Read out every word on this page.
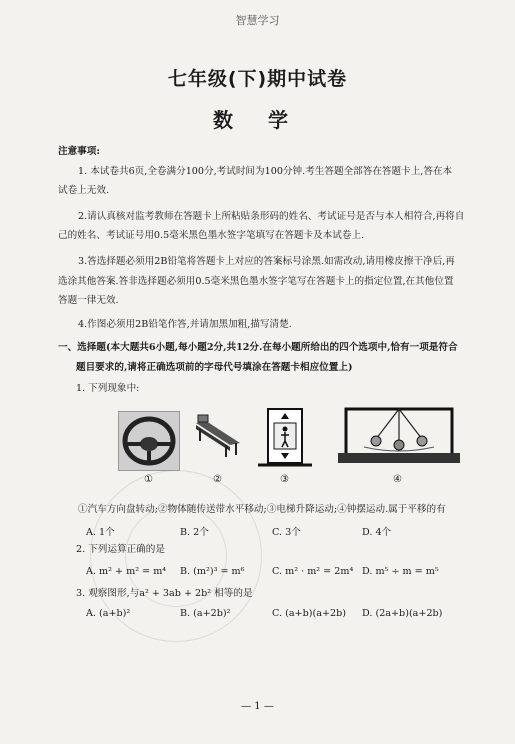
智慧学习
七年级(下)期中试卷
数 学
注意事项:
1. 本试卷共6页,全卷满分100分,考试时间为100分钟.考生答题全部答在答题卡上,答在本
试卷上无效.
2.请认真核对监考教师在答题卡上所粘贴条形码的姓名、考试证号是否与本人相符合,再将自
己的姓名、考试证号用0.5毫米黑色墨水签字笔填写在答题卡及本试卷上.
3.答选择题必须用2B铅笔将答题卡上对应的答案标号涂黑.如需改动,请用橡皮擦干净后,再
选涂其他答案.答非选择题必须用0.5毫米黑色墨水签字笔写在答题卡上的指定位置,在其他位置
答题一律无效.
4.作图必须用2B铅笔作答,并请加黑加粗,描写清楚.
一、选择题(本大题共6小题,每小题2分,共12分.在每小题所给出的四个选项中,恰有一项是符合
题目要求的,请将正确选项前的字母代号填涂在答题卡相应位置上)
1. 下列现象中:
①	②	③	④
①汽车方向盘转动;②物体随传送带水平移动;③电梯升降运动;④钟摆运动.属于平移的有
A. 1个	B. 2个	C. 3个	D. 4个
2. 下列运算正确的是
A. m² + m² = m⁴ B. (m²)³ = m⁶	C. m² · m² = 2m⁴ D. m⁵ ÷ m = m⁵
3. 观察图形,与a² + 3ab + 2b² 相等的是
A. (a+b)²	B. (a+2b)²	C. (a+b)(a+2b) D. (2a+b)(a+2b)
— 1 —
